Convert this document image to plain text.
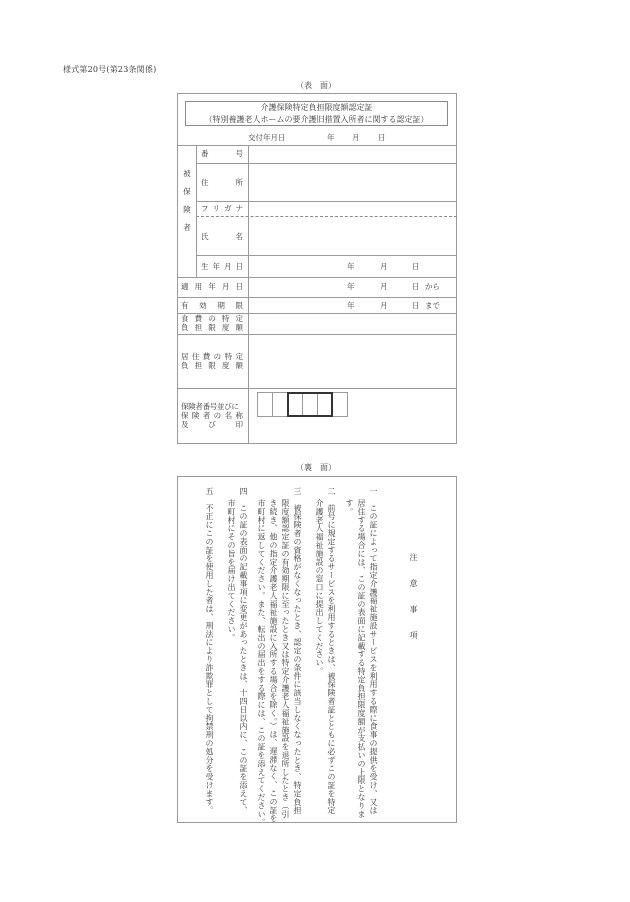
様式第20号(第23条関係)
（表　面）
介護保険特定負担限度額認定証
（特別養護老人ホームの要介護旧措置入所者に関する認定証）
交付年月日	年 月 日
被
保
険
者
番	号
住	所
フ リ ガ ナ
氏	名
生 年 月 日	年	月	日
適 用 年 月 日	年	月	日 から
有 効 期 限	年	月	日 まで
食 費 の 特 定
負 担 限 度 額
居 住 費 の 特 定
負 担 限 度 額
保険者番号並びに
保 険 者 の 名 称
及	び	印
（裏　面）
注　意　事　項
一　この証によって指定介護福祉施設サービスを利用する際に食事の提供を受け、又は
居住する場合には、この証の表面に記載する特定負担限度額が支払いの上限となりま
す。
二　前号に規定するサービスを利用するときは、被保険者証とともに必ずこの証を特定
介護老人福祉施設の窓口に提出してください。
三　被保険者の資格がなくなったとき、認定の条件に該当しなくなったとき、特定負担
限度額認定証の有効期限に至ったとき又は特定介護老人福祉施設を退所したとき（引
き続き、他の指定介護老人福祉施設に入所する場合を除く。）は、遅滞なく、この証を
市町村に返してください。また、転出の届出をする際には、この証を添えてください。
四　この証の表面の記載事項に変更があったときは、十四日以内に、この証を添えて、
市町村にその旨を届け出てください。
五　不正にこの証を使用した者は、刑法により詐欺罪として拘禁刑の処分を受けます。
